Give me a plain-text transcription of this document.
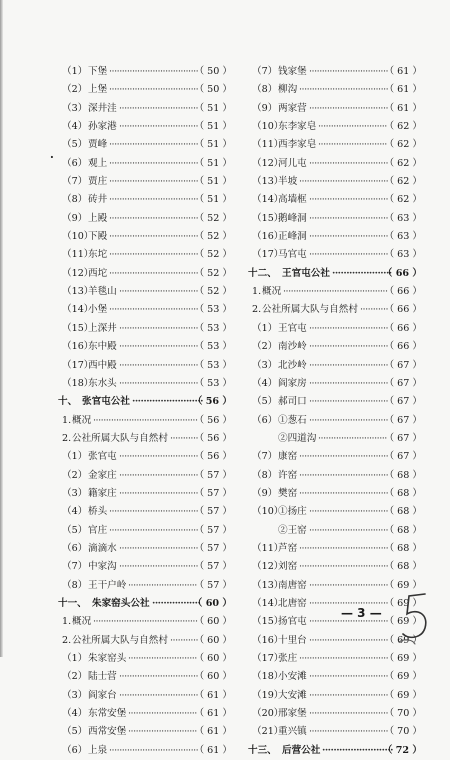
（1） 下堡 ···································
（ 50 ）
（2） 上堡 ···································
（ 50 ）
（3） 深井洼 ·······························
（ 51 ）
（4） 孙家港 ·······························
（ 51 ）
（5） 贾峰 ···································
（ 51 ）
（6） 观上 ···································
（ 51 ）
（7） 贾庄 ···································
（ 51 ）
（8） 砖井 ···································
（ 51 ）
（9） 上殿 ···································
（ 52 ）
（10）
下殿 ···································
（ 52 ）
（11）
东坨 ···································
（ 52 ）
（12）
西坨 ···································
（ 52 ）
（13）
羊毯山 ·······························
（ 52 ）
（14）
小堡 ···································
（ 53 ）
（15）
上深井 ·······························
（ 53 ）
（16）
东中殿 ·······························
（ 53 ）
（17）
西中殿 ·······························
（ 53 ）
（18）
东水头 ·······························
（ 53 ）
十、 张官屯公社 ·························
（ 56 ）
1. 概况 ·········································
（ 56 ）
2. 公社所属大队与自然村 ···········
（ 56 ）
（1） 张官屯 ·······························
（ 56 ）
（2） 金家庄 ·······························
（ 57 ）
（3） 籍家庄 ·······························
（ 57 ）
（4） 桥头 ···································
（ 57 ）
（5） 官庄 ···································
（ 57 ）
（6） 滴滴水 ·······························
（ 57 ）
（7） 中家沟 ·······························
（ 57 ）
（8） 王干户岭 ···························
（ 57 ）
十一、 朱家窑头公社 ·················
（ 60 ）
1. 概况 ·········································
（ 60 ）
2. 公社所属大队与自然村 ···········
（ 60 ）
（1） 朱家窑头 ···························
（ 60 ）
（2） 陆士营 ·······························
（ 60 ）
（3） 阎家台 ·······························
（ 61 ）
（4） 东常安堡 ···························
（ 61 ）
（5） 西常安堡 ···························
（ 61 ）
（6） 上泉 ···································
（ 61 ）
（7） 钱家堡 ·······························
（ 61 ）
（8） 柳沟 ···································
（ 61 ）
（9） 两家营 ·······························
（ 61 ）
（10）
东李家皂 ···························
（ 62 ）
（11）
西李家皂 ···························
（ 62 ）
（12）
河儿屯 ·······························
（ 62 ）
（13）
半坡 ···································
（ 62 ）
（14）
高墙框 ·······························
（ 62 ）
（15）
鹅峰洞 ·······························
（ 63 ）
（16）
正峰洞 ·······························
（ 63 ）
（17）
马官屯 ·······························
（ 63 ）
十二、 王官屯公社 ·····················
（ 66 ）
1. 概况 ·········································
（ 66 ）
2. 公社所属大队与自然村 ···········
（ 66 ）
（1） 王官屯 ·······························
（ 66 ）
（2） 南沙岭 ·······························
（ 66 ）
（3） 北沙岭 ·······························
（ 67 ）
（4） 阎家房 ·······························
（ 67 ）
（5） 郝司口 ·······························
（ 67 ）
（6） ①葱石 ·······························
（ 67 ）
②四道沟 ···························
（ 67 ）
（7） 康窑 ···································
（ 67 ）
（8） 许窑 ···································
（ 68 ）
（9） 樊窑 ···································
（ 68 ）
（10）
①扬庄 ·······························
（ 68 ）
②王窑 ·······························
（ 68 ）
（11）
芦窑 ···································
（ 68 ）
（12）
刘窑 ···································
（ 68 ）
（13）
南唐窑 ·······························
（ 69 ）
（14）
北唐窑 ·······························
（ 69 ）
（15）
扬官屯 ·······························
（ 69 ）
（16）
十里台 ·······························
（ 69 ）
（17）
张庄 ···································
（ 69 ）
（18）
小安滩 ·······························
（ 69 ）
（19）
大安滩 ·······························
（ 69 ）
（20）
邢家堡 ·······························
（ 70 ）
（21）
重兴镇 ·······························
（ 70 ）
十三、 后营公社 ·························
（ 72 ）
·
— 3 —
